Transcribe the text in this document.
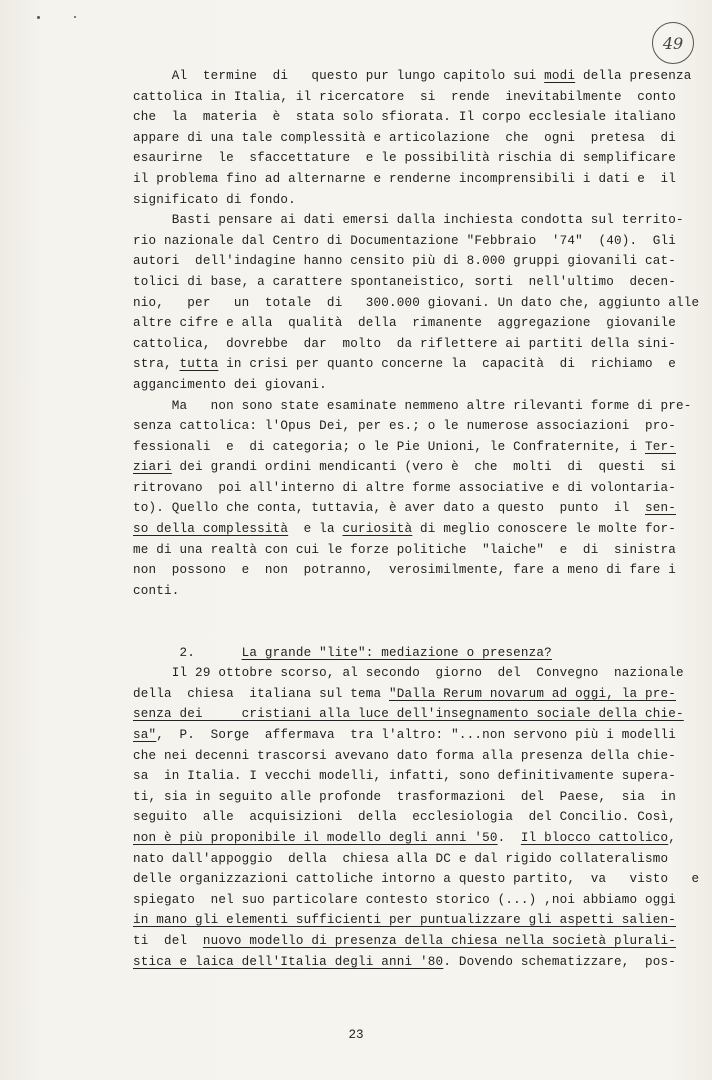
49
Al  termine  di   questo pur lungo capitolo sui modi della presenza
cattolica in Italia, il ricercatore  si  rende  inevitabilmente  conto
che  la  materia  è  stata solo sfiorata. Il corpo ecclesiale italiano
appare di una tale complessità e articolazione  che  ogni  pretesa  di
esaurirne  le  sfaccettature  e le possibilità rischia di semplificare
il problema fino ad alternarne e renderne incomprensibili i dati e  il
significato di fondo.
Basti pensare ai dati emersi dalla inchiesta condotta sul territo-
rio nazionale dal Centro di Documentazione "Febbraio  '74"  (40).  Gli
autori  dell'indagine hanno censito più di 8.000 gruppi giovanili cat-
tolici di base, a carattere spontaneistico, sorti  nell'ultimo  decen-
nio,   per   un  totale  di   300.000 giovani. Un dato che, aggiunto alle
altre cifre e alla  qualità  della  rimanente  aggregazione  giovanile
cattolica,  dovrebbe  dar  molto  da riflettere ai partiti della sini-
stra, tutta in crisi per quanto concerne la  capacità  di  richiamo  e
aggancimento dei giovani.
Ma   non sono state esaminate nemmeno altre rilevanti forme di pre-
senza cattolica: l'Opus Dei, per es.; o le numerose associazioni  pro-
fessionali  e  di categoria; o le Pie Unioni, le Confraternite, i Ter-
ziari dei grandi ordini mendicanti (vero è  che  molti  di  questi  si
ritrovano  poi all'interno di altre forme associative e di volontaria-
to). Quello che conta, tuttavia, è aver dato a questo  punto  il  sen-
so della complessità  e la curiosità di meglio conoscere le molte for-
me di una realtà con cui le forze politiche  "laiche"  e  di  sinistra
non  possono  e  non  potranno,  verosimilmente, fare a meno di fare i
conti.

2.	La grande "lite": mediazione o presenza?

Il 29 ottobre scorso, al secondo  giorno  del  Convegno  nazionale
della  chiesa  italiana sul tema "Dalla Rerum novarum ad oggi, la pre-
senza dei     cristiani alla luce dell'insegnamento sociale della chie-
sa",  P.  Sorge  affermava  tra l'altro: "...non servono più i modelli
che nei decenni trascorsi avevano dato forma alla presenza della chie-
sa  in Italia. I vecchi modelli, infatti, sono definitivamente supera-
ti, sia in seguito alle profonde  trasformazioni  del  Paese,  sia  in
seguito  alle  acquisizioni  della  ecclesiologia  del Concilio. Così,
non è più proponibile il modello degli anni '50.  Il blocco cattolico,
nato dall'appoggio  della  chiesa alla DC e dal rigido collateralismo
delle organizzazioni cattoliche intorno a questo partito,  va   visto   e
spiegato  nel suo particolare contesto storico (...) ,noi abbiamo oggi
in mano gli elementi sufficienti per puntualizzare gli aspetti salien-
ti  del  nuovo modello di presenza della chiesa nella società plurali-
stica e laica dell'Italia degli anni '80. Dovendo schematizzare,  pos-
23
